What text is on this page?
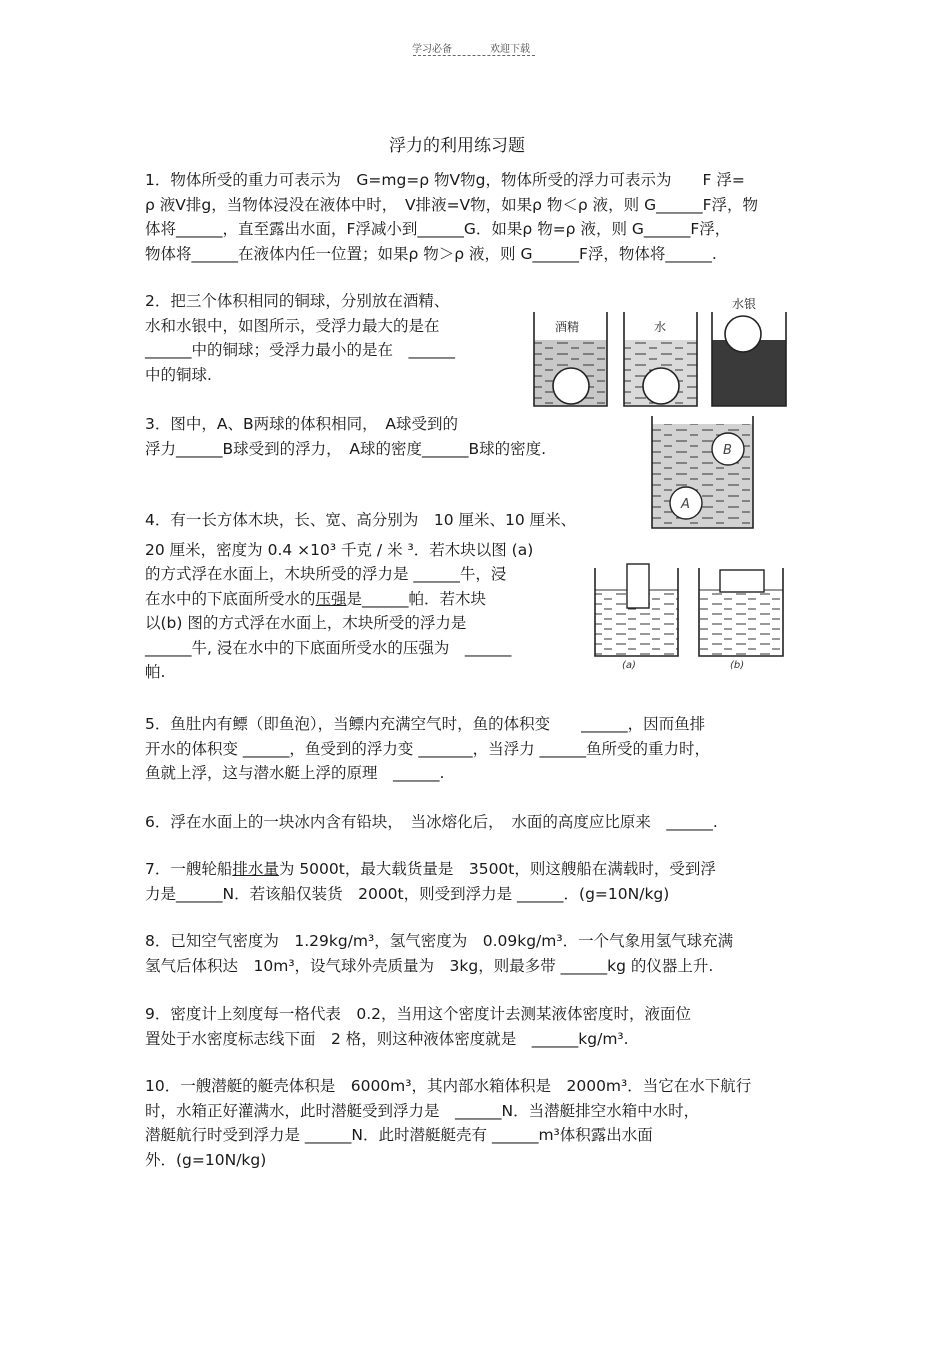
学习必备	欢迎下载
浮力的利用练习题
1．物体所受的重力可表示为　G=mg=ρ 物V物g，物体所受的浮力可表示为　　F 浮=
ρ 液V排g，当物体浸没在液体中时，　V排液=V物，如果ρ 物＜ρ 液，则 G______F浮，物
体将______，直至露出水面，F浮减小到______G．如果ρ 物=ρ 液，则 G______F浮，
物体将______在液体内任一位置；如果ρ 物＞ρ 液，则 G______F浮，物体将______.
2．把三个体积相同的铜球，分别放在酒精、
水和水银中，如图所示，受浮力最大的是在
______中的铜球；受浮力最小的是在　______
中的铜球.
酒精	水
水银
3．图中，A、B两球的体积相同，　A球受到的
浮力______B球受到的浮力，　A球的密度______B球的密度.	B
A
4．有一长方体木块，长、宽、高分别为　10 厘米、10 厘米、
20 厘米，密度为 0.4 ×10³ 千克 / 米 ³．若木块以图 (a)
的方式浮在水面上，木块所受的浮力是 ______牛，浸
在水中的下底面所受水的压强是______帕．若木块
以(b) 图的方式浮在水面上，木块所受的浮力是
______牛, 浸在水中的下底面所受水的压强为　______
帕.	(a)	(b)
5．鱼肚内有鳔（即鱼泡），当鳔内充满空气时，鱼的体积变　　______，因而鱼排
开水的体积变 ______，鱼受到的浮力变 _______，当浮力 ______鱼所受的重力时，
鱼就上浮，这与潜水艇上浮的原理　______.
6．浮在水面上的一块冰内含有铅块，　当冰熔化后，　水面的高度应比原来　______.
7．一艘轮船排水量为 5000t，最大载货量是　3500t，则这艘船在满载时，受到浮
力是______N．若该船仅装货　2000t，则受到浮力是 ______．(g=10N/kg)
8．已知空气密度为　1.29kg/m³，氢气密度为　0.09kg/m³．一个气象用氢气球充满
氢气后体积达　10m³，设气球外壳质量为　3kg，则最多带 ______kg 的仪器上升.
9．密度计上刻度每一格代表　0.2，当用这个密度计去测某液体密度时，液面位
置处于水密度标志线下面　2 格，则这种液体密度就是　______kg/m³.
10．一艘潜艇的艇壳体积是　6000m³，其内部水箱体积是　2000m³．当它在水下航行
时，水箱正好灌满水，此时潜艇受到浮力是　______N．当潜艇排空水箱中水时，
潜艇航行时受到浮力是 ______N．此时潜艇艇壳有 ______m³体积露出水面
外．(g=10N/kg)
